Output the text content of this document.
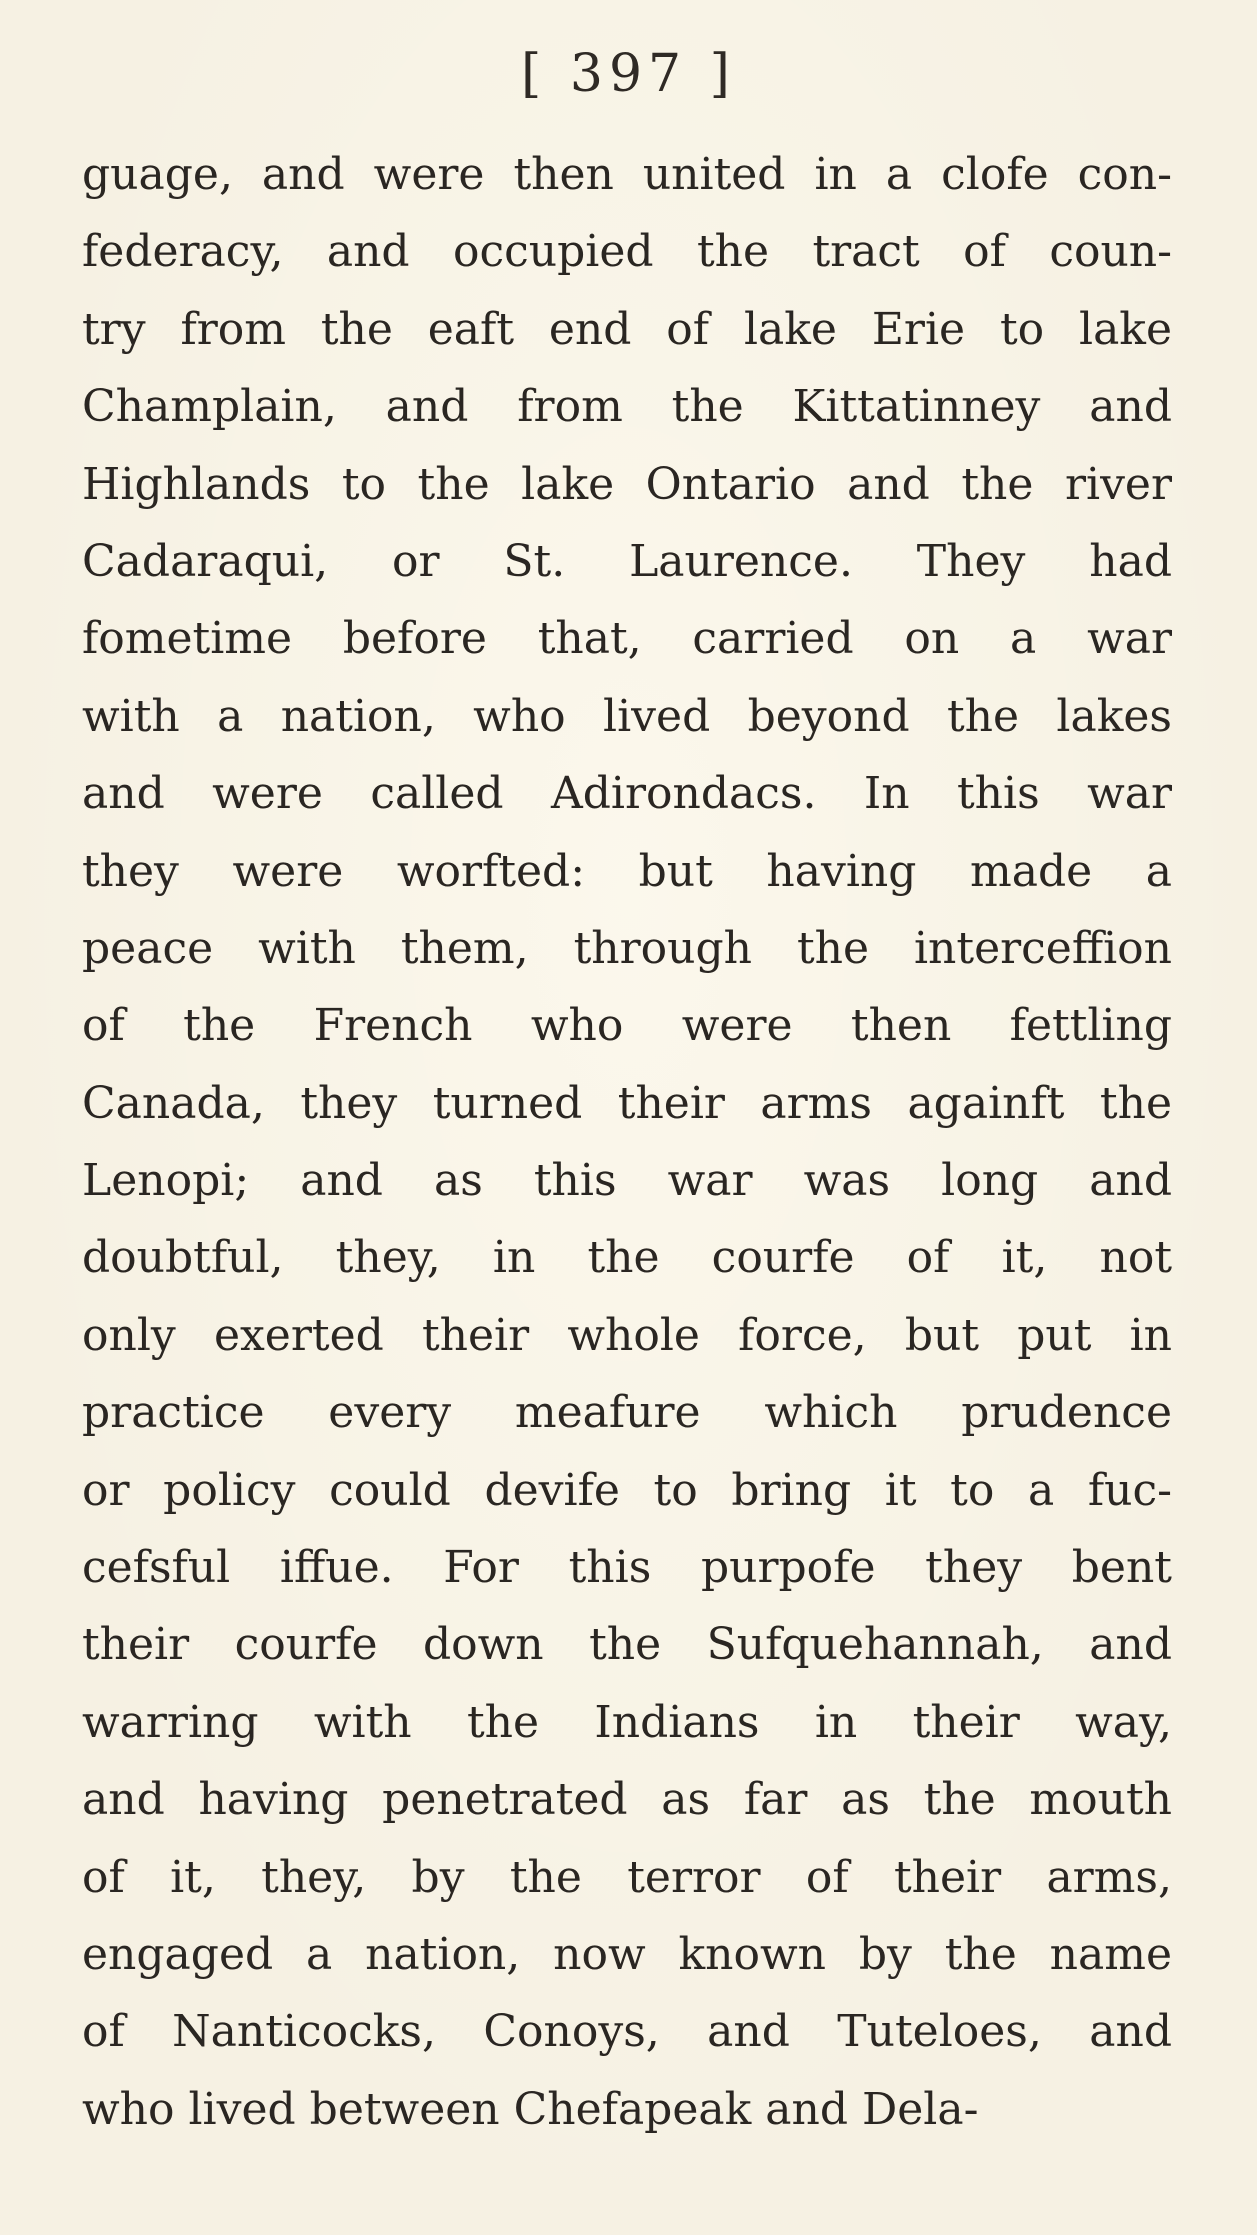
[ 397 ]
guage, and were then united in a clofe con-
federacy, and occupied the tract of coun-
try from the eaft end of lake Erie to lake
Champlain, and from the Kittatinney and
Highlands to the lake Ontario and the river
Cadaraqui, or St. Laurence. They had
fometime before that, carried on a war
with a nation, who lived beyond the lakes
and were called Adirondacs. In this war
they were worfted: but having made a
peace with them, through the interceffion
of the French who were then fettling
Canada, they turned their arms againft the
Lenopi; and as this war was long and
doubtful, they, in the courfe of it, not
only exerted their whole force, but put in
practice every meafure which prudence
or policy could devife to bring it to a fuc-
cefsful iffue. For this purpofe they bent
their courfe down the Sufquehannah, and
warring with the Indians in their way,
and having penetrated as far as the mouth
of it, they, by the terror of their arms,
engaged a nation, now known by the name
of Nanticocks, Conoys, and Tuteloes, and
who lived between Chefapeak and Dela-
